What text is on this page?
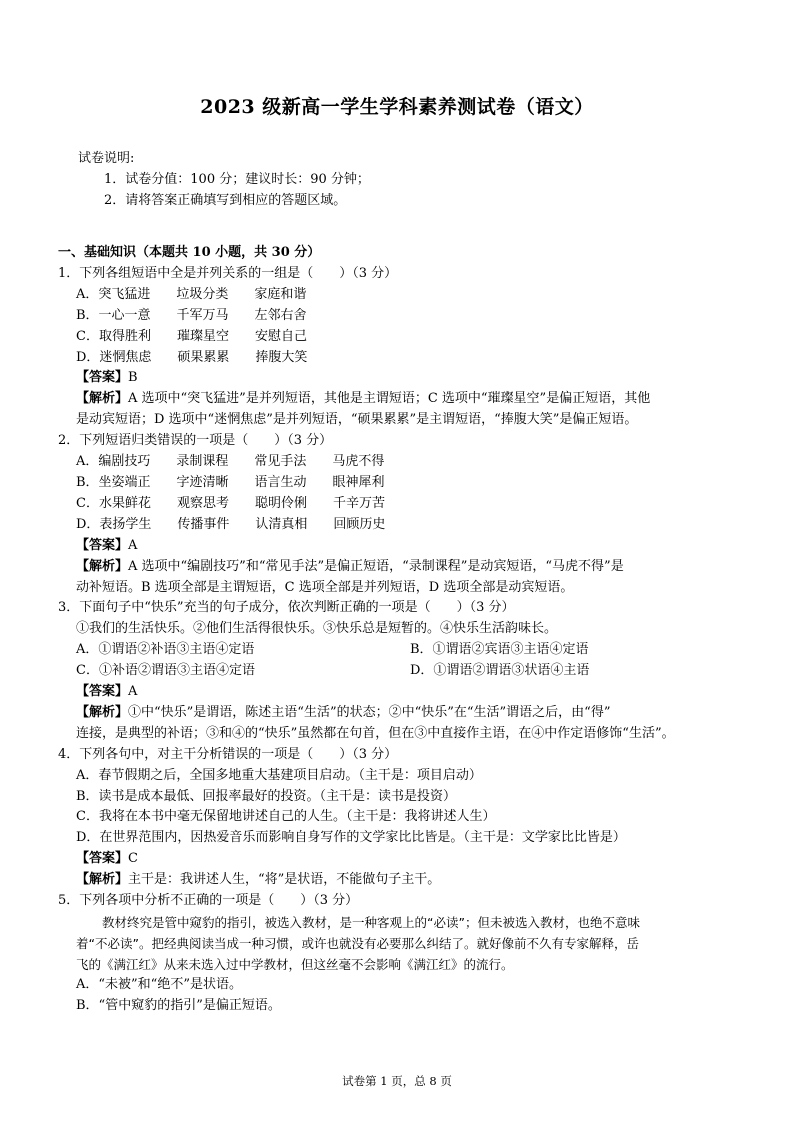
2023 级新高一学生学科素养测试卷（语文）
试卷说明:
1．试卷分值：100 分；建议时长：90 分钟；
2．请将答案正确填写到相应的答题区域。
一、基础知识（本题共 10 小题，共 30 分）
1．下列各组短语中全是并列关系的一组是（　　）（3 分）
A．突飞猛进　　垃圾分类　　家庭和谐
B．一心一意　　千军万马　　左邻右舍
C．取得胜利　　璀璨星空　　安慰自己
D．迷惘焦虑　　硕果累累　　捧腹大笑
【答案】B
【解析】A 选项中“突飞猛进”是并列短语，其他是主谓短语；C 选项中“璀璨星空”是偏正短语，其他
是动宾短语；D 选项中“迷惘焦虑”是并列短语，“硕果累累”是主谓短语，“捧腹大笑”是偏正短语。
2．下列短语归类错误的一项是（　　）（3 分）
A．编剧技巧　　录制课程　　常见手法　　马虎不得
B．坐姿端正　　字迹清晰　　语言生动　　眼神犀利
C．水果鲜花　　观察思考　　聪明伶俐　　千辛万苦
D．表扬学生　　传播事件　　认清真相　　回顾历史
【答案】A
【解析】A 选项中“编剧技巧”和“常见手法”是偏正短语，“录制课程”是动宾短语，“马虎不得”是
动补短语。B 选项全部是主谓短语，C 选项全部是并列短语，D 选项全部是动宾短语。
3．下面句子中“快乐”充当的句子成分，依次判断正确的一项是（　　）（3 分）
①我们的生活快乐。②他们生活得很快乐。③快乐总是短暂的。④快乐生活韵味长。
A．①谓语②补语③主语④定语	B．①谓语②宾语③主语④定语
C．①补语②谓语③主语④定语	D．①谓语②谓语③状语④主语
【答案】A
【解析】①中“快乐”是谓语，陈述主语“生活”的状态；②中“快乐”在“生活”谓语之后，由“得”
连接，是典型的补语；③和④的“快乐”虽然都在句首，但在③中直接作主语，在④中作定语修饰“生活”。
4．下列各句中，对主干分析错误的一项是（　　）（3 分）
A．春节假期之后，全国多地重大基建项目启动。（主干是：项目启动）
B．读书是成本最低、回报率最好的投资。（主干是：读书是投资）
C．我将在本书中毫无保留地讲述自己的人生。（主干是：我将讲述人生）
D．在世界范围内，因热爱音乐而影响自身写作的文学家比比皆是。（主干是：文学家比比皆是）
【答案】C
【解析】主干是：我讲述人生，“将”是状语，不能做句子主干。
5．下列各项中分析不正确的一项是（　　）（3 分）
教材终究是管中窥豹的指引，被选入教材，是一种客观上的“必读”；但未被选入教材，也绝不意味
着“不必读”。把经典阅读当成一种习惯，或许也就没有必要那么纠结了。就好像前不久有专家解释，岳
飞的《满江红》从来未选入过中学教材，但这丝毫不会影响《满江红》的流行。
A．“未被”和“绝不”是状语。
B．“管中窥豹的指引”是偏正短语。
试卷第 1 页，总 8 页
